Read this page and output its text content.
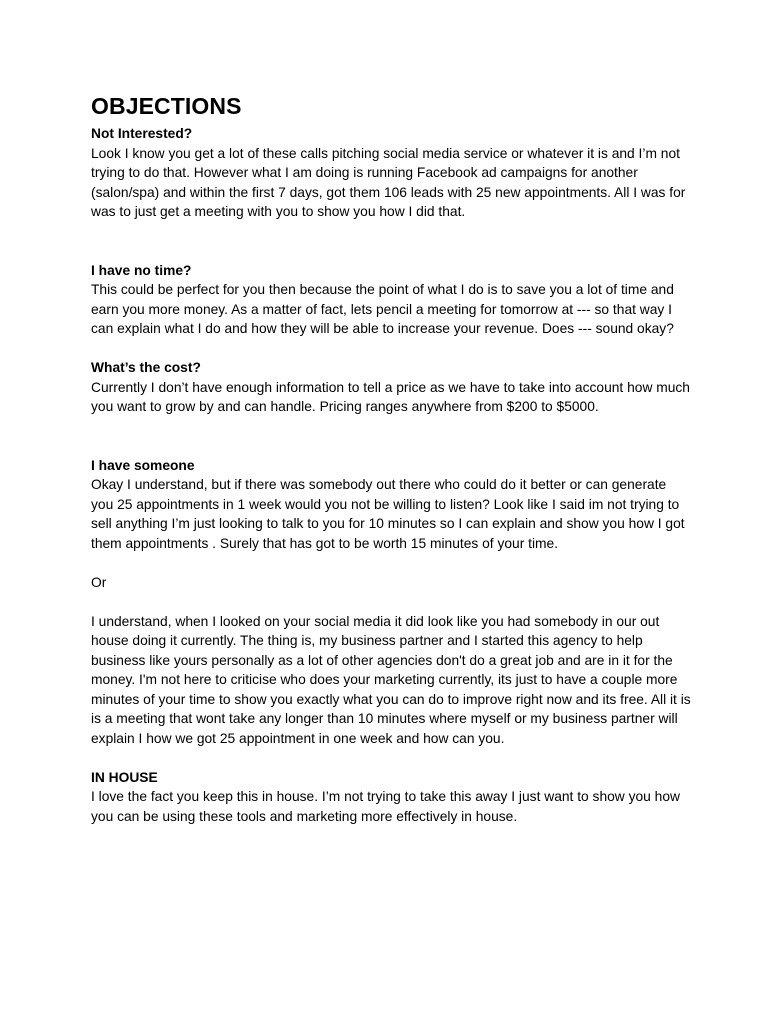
OBJECTIONS

Not Interested?

Look I know you get a lot of these calls pitching social media service or whatever it is and I’m not trying to do that. However what I am doing is running Facebook ad campaigns for another (salon/spa) and within the first 7 days, got them 106 leads with 25 new appointments. All I was for was to just get a meeting with you to show you how I did that.

I have no time?

This could be perfect for you then because the point of what I do is to save you a lot of time and earn you more money. As a matter of fact, lets pencil a meeting for tomorrow at --- so that way I can explain what I do and how they will be able to increase your revenue. Does --- sound okay?

What’s the cost?

Currently I don’t have enough information to tell a price as we have to take into account how much you want to grow by and can handle. Pricing ranges anywhere from $200 to $5000.

I have someone

Okay I understand, but if there was somebody out there who could do it better or can generate you 25 appointments in 1 week would you not be willing to listen? Look like I said im not trying to sell anything I’m just looking to talk to you for 10 minutes so I can explain and show you how I got them appointments . Surely that has got to be worth 15 minutes of your time.

Or

I understand, when I looked on your social media it did look like you had somebody in our out house doing it currently. The thing is, my business partner and I started this agency to help business like yours personally as a lot of other agencies don't do a great job and are in it for the money. I'm not here to criticise who does your marketing currently, its just to have a couple more minutes of your time to show you exactly what you can do to improve right now and its free. All it is is a meeting that wont take any longer than 10 minutes where myself or my business partner will explain I how we got 25 appointment in one week and how can you.

IN HOUSE

I love the fact you keep this in house. I’m not trying to take this away I just want to show you how you can be using these tools and marketing more effectively in house.
